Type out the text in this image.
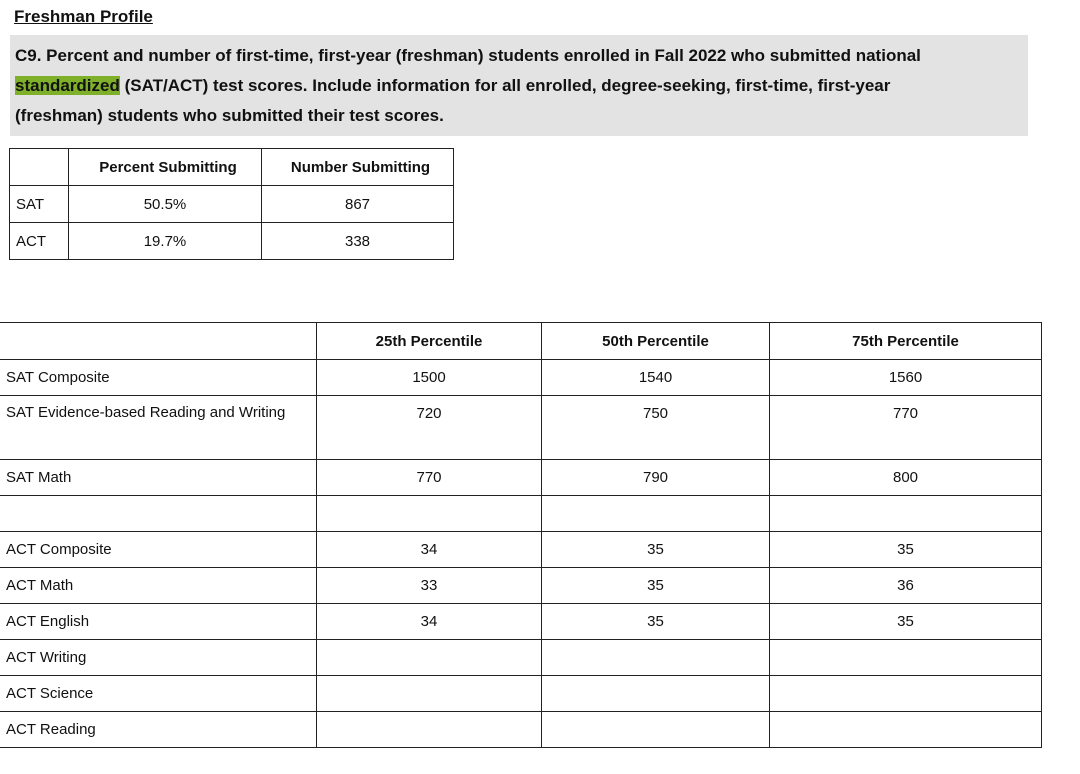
Freshman Profile
C9. Percent and number of first-time, first-year (freshman) students enrolled in Fall 2022 who submitted national
standardized (SAT/ACT) test scores. Include information for all enrolled, degree-seeking, first-time, first-year
(freshman) students who submitted their test scores.
	Percent Submitting	Number Submitting
SAT	50.5%	867
ACT	19.7%	338
	25th Percentile	50th Percentile	75th Percentile
SAT Composite	1500	1540	1560
SAT Evidence-based Reading and Writing	720	750	770
SAT Math	770	790	800

ACT Composite	34	35	35
ACT Math	33	35	36
ACT English	34	35	35
ACT Writing			
ACT Science			
ACT Reading			
